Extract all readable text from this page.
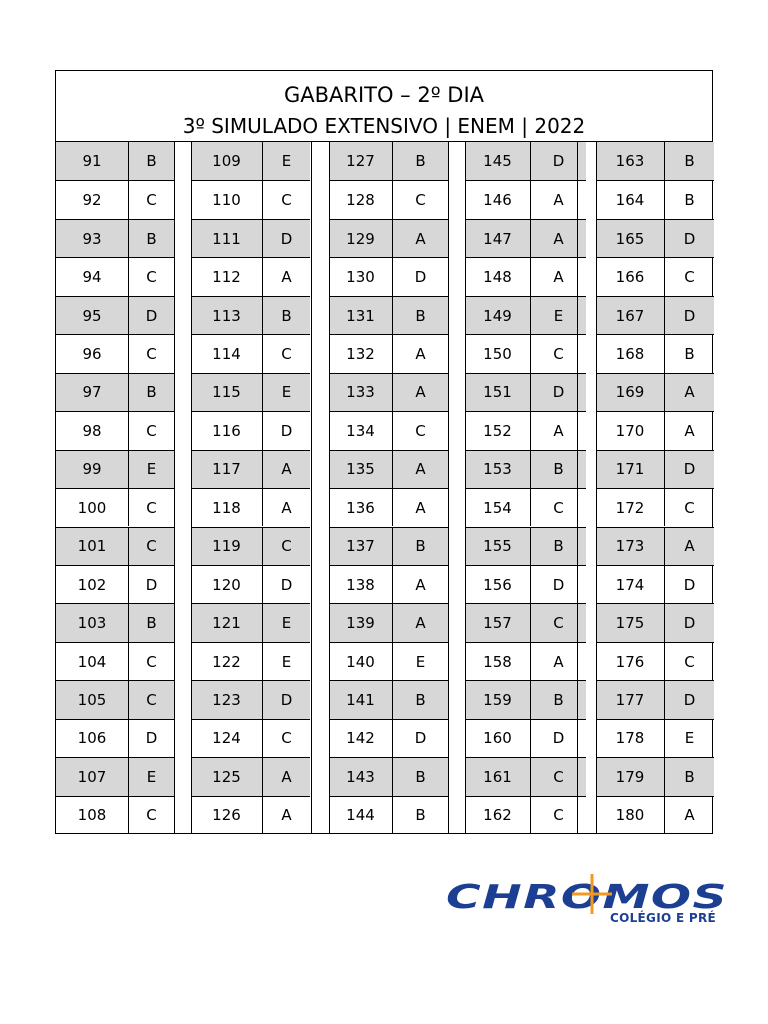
GABARITO – 2º DIA
3º SIMULADO EXTENSIVO | ENEM | 2022
91	B
92	C
93	B
94	C
95	D
96	C
97	B
98	C
99	E
100	C
101	C
102	D
103	B
104	C
105	C
106	D
107	E
108	C
109	E
110	C
111	D
112	A
113	B
114	C
115	E
116	D
117	A
118	A
119	C
120	D
121	E
122	E
123	D
124	C
125	A
126	A
127	B
128	C
129	A
130	D
131	B
132	A
133	A
134	C
135	A
136	A
137	B
138	A
139	A
140	E
141	B
142	D
143	B
144	B
145	D
146	A
147	A
148	A
149	E
150	C
151	D
152	A
153	B
154	C
155	B
156	D
157	C
158	A
159	B
160	D
161	C
162	C
163	B
164	B
165	D
166	C
167	D
168	B
169	A
170	A
171	D
172	C
173	A
174	D
175	D
176	C
177	D
178	E
179	B
180	A
CHROMOS
COLÉGIO E PRÉ
